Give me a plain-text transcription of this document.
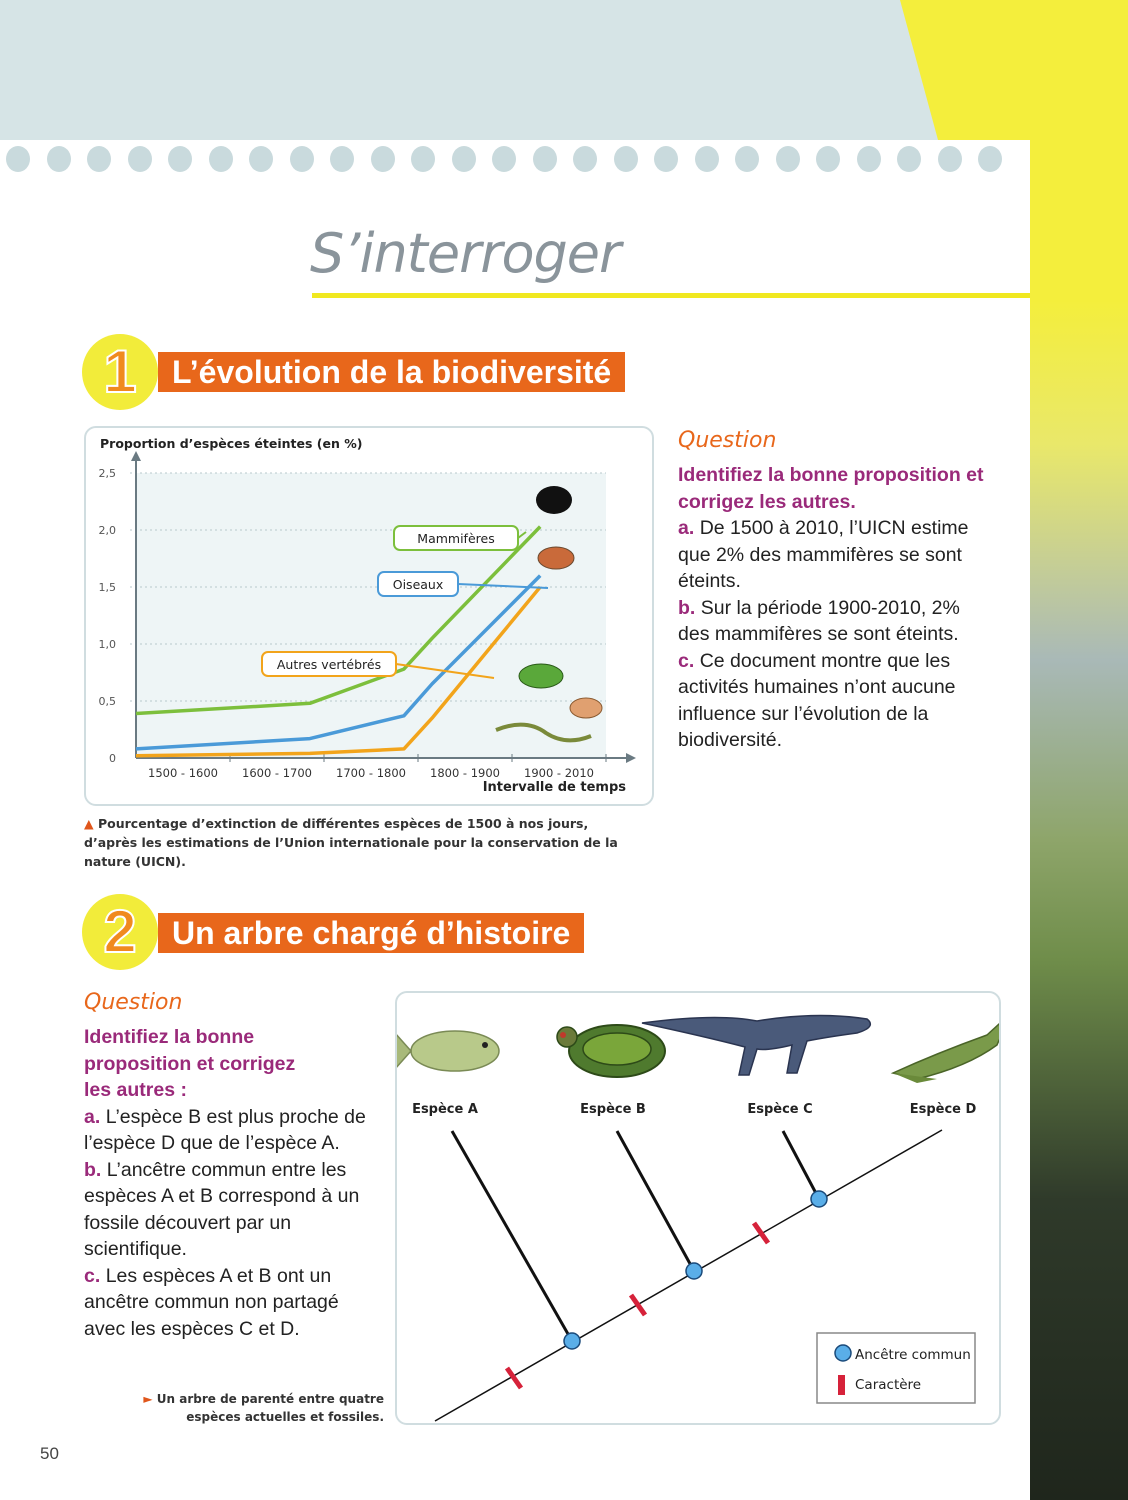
S’interroger
L’évolution de la biodiversité
1
0
0,5
1,0
1,5
2,0
2,5
1500 - 1600 1600 - 1700 1700 - 1800 1800 - 1900 1900 - 2010
Proportion d’espèces éteintes (en %)
Intervalle de temps
Mammifères
Oiseaux
Autres vertébrés
▲ Pourcentage d’extinction de différentes espèces de 1500 à nos jours, d’après les estimations de l’Union internationale pour la conservation de la nature (UICN).
Question
Identifiez la bonne proposition et corrigez les autres.

a. De 1500 à 2010, l’UICN estime que 2% des mammifères se sont éteints.

b. Sur la période 1900-2010, 2% des mammifères se sont éteints.

c. Ce document montre que les activités humaines n’ont aucune influence sur l’évolution de la biodiversité.

Un arbre chargé d’histoire
2
Question
Identifiez la bonne proposition et corrigez les autres :

a. L’espèce B est plus proche de l’espèce D que de l’espèce A.

b. L’ancêtre commun entre les espèces A et B correspond à un fossile découvert par un scientifique.

c. Les espèces A et B ont un ancêtre commun non partagé avec les espèces C et D.

► Un arbre de parenté entre quatre espèces actuelles et fossiles.
Espèce A	Espèce B	Espèce C	Espèce D
Ancêtre commun
Caractère
50
